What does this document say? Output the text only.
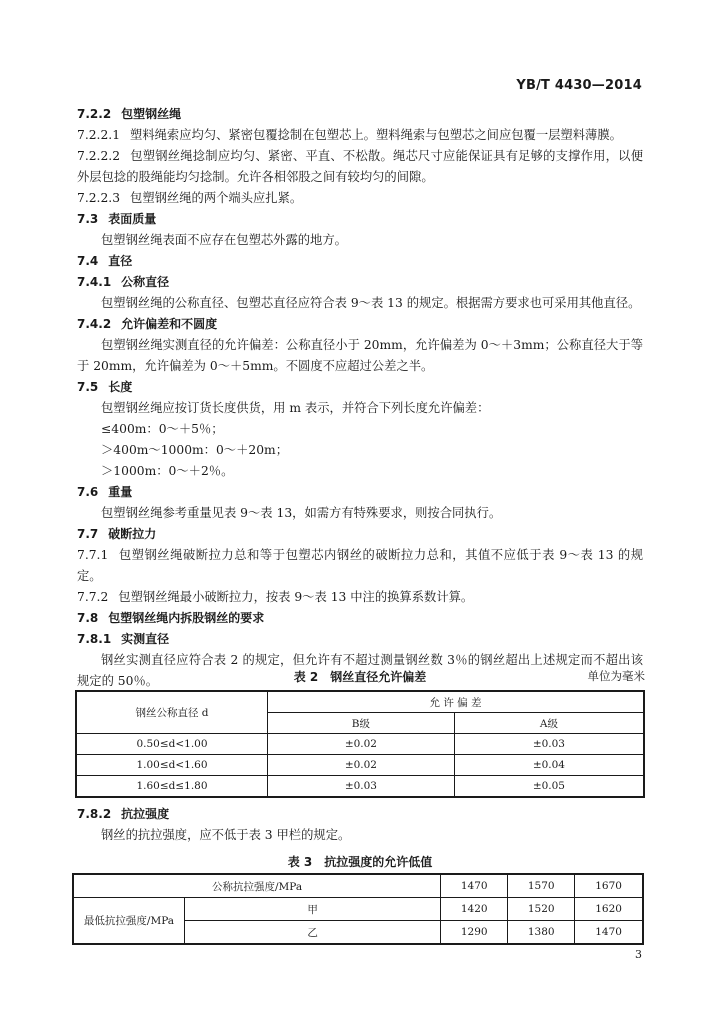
YB/T 4430—2014
7.2.2 包塑钢丝绳
7.2.2.1 塑料绳索应均匀、紧密包覆捻制在包塑芯上。塑料绳索与包塑芯之间应包覆一层塑料薄膜。
7.2.2.2 包塑钢丝绳捻制应均匀、紧密、平直、不松散。绳芯尺寸应能保证具有足够的支撑作用，以便外层包捻的股绳能均匀捻制。允许各相邻股之间有较均匀的间隙。
7.2.2.3 包塑钢丝绳的两个端头应扎紧。
7.3 表面质量
包塑钢丝绳表面不应存在包塑芯外露的地方。
7.4 直径
7.4.1 公称直径
包塑钢丝绳的公称直径、包塑芯直径应符合表 9～表 13 的规定。根据需方要求也可采用其他直径。
7.4.2 允许偏差和不圆度
包塑钢丝绳实测直径的允许偏差：公称直径小于 20mm，允许偏差为 0～＋3mm；公称直径大于等于 20mm，允许偏差为 0～＋5mm。不圆度不应超过公差之半。
7.5 长度
包塑钢丝绳应按订货长度供货，用 m 表示，并符合下列长度允许偏差：
≤400m：0～＋5％；
＞400m～1000m：0～＋20m；
＞1000m：0～＋2％。
7.6 重量
包塑钢丝绳参考重量见表 9～表 13，如需方有特殊要求，则按合同执行。
7.7 破断拉力
7.7.1 包塑钢丝绳破断拉力总和等于包塑芯内钢丝的破断拉力总和，其值不应低于表 9～表 13 的规定。
7.7.2 包塑钢丝绳最小破断拉力，按表 9～表 13 中注的换算系数计算。
7.8 包塑钢丝绳内拆股钢丝的要求
7.8.1 实测直径
钢丝实测直径应符合表 2 的规定，但允许有不超过测量钢丝数 3％的钢丝超出上述规定而不超出该规定的 50％。	表 2　钢丝直径允许偏差	单位为毫米
钢丝公称直径 d	允 许 偏 差	
	B级	A级
0.50≤d<1.00	±0.02	±0.03
1.00≤d<1.60	±0.02	±0.04
1.60≤d≤1.80	±0.03	±0.05
7.8.2 抗拉强度
钢丝的抗拉强度，应不低于表 3 甲栏的规定。
表 3　抗拉强度的允许低值
公称抗拉强度/MPa		1470	1570	1670
最低抗拉强度/MPa	甲	1420	1520	1620
	乙	1290	1380	1470
3
